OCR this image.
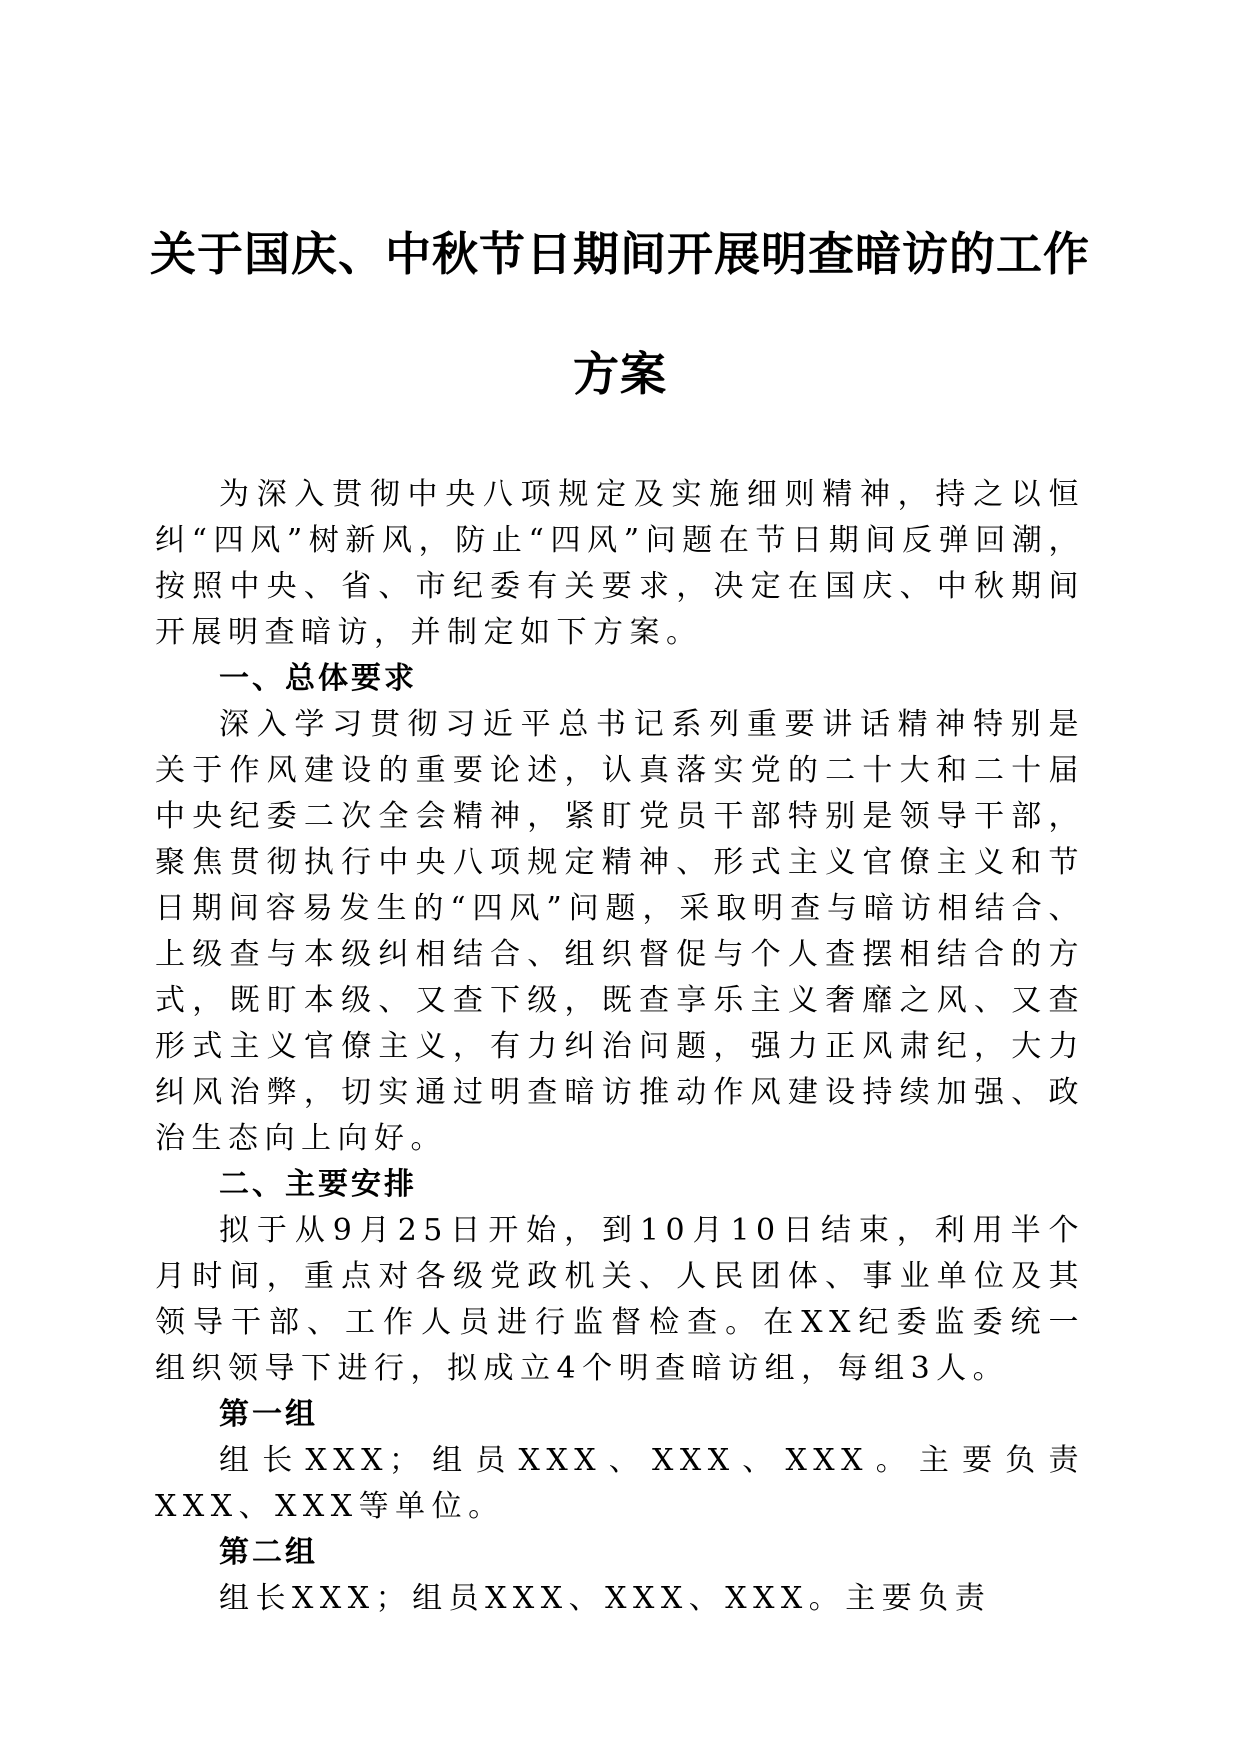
关于国庆、中秋节日期间开展明查暗访的工作
方案

为深入贯彻中央八项规定及实施细则精神，持之以恒纠“四风”树新风，防止“四风”问题在节日期间反弹回潮，按照中央、省、市纪委有关要求，决定在国庆、中秋期间开展明查暗访，并制定如下方案。

一、总体要求

深入学习贯彻习近平总书记系列重要讲话精神特别是关于作风建设的重要论述，认真落实党的二十大和二十届中央纪委二次全会精神，紧盯党员干部特别是领导干部，聚焦贯彻执行中央八项规定精神、形式主义官僚主义和节日期间容易发生的“四风”问题，采取明查与暗访相结合、上级查与本级纠相结合、组织督促与个人查摆相结合的方式，既盯本级、又查下级，既查享乐主义奢靡之风、又查形式主义官僚主义，有力纠治问题，强力正风肃纪，大力纠风治弊，切实通过明查暗访推动作风建设持续加强、政治生态向上向好。

二、主要安排

拟于从9月25日开始，到10月10日结束，利用半个月时间，重点对各级党政机关、人民团体、事业单位及其领导干部、工作人员进行监督检查。在XX纪委监委统一组织领导下进行，拟成立4个明查暗访组，每组3人。

第一组

组长XXX；组员XXX、XXX、XXX。主要负责XXX、XXX等单位。

第二组

组长XXX；组员XXX、XXX、XXX。主要负责
